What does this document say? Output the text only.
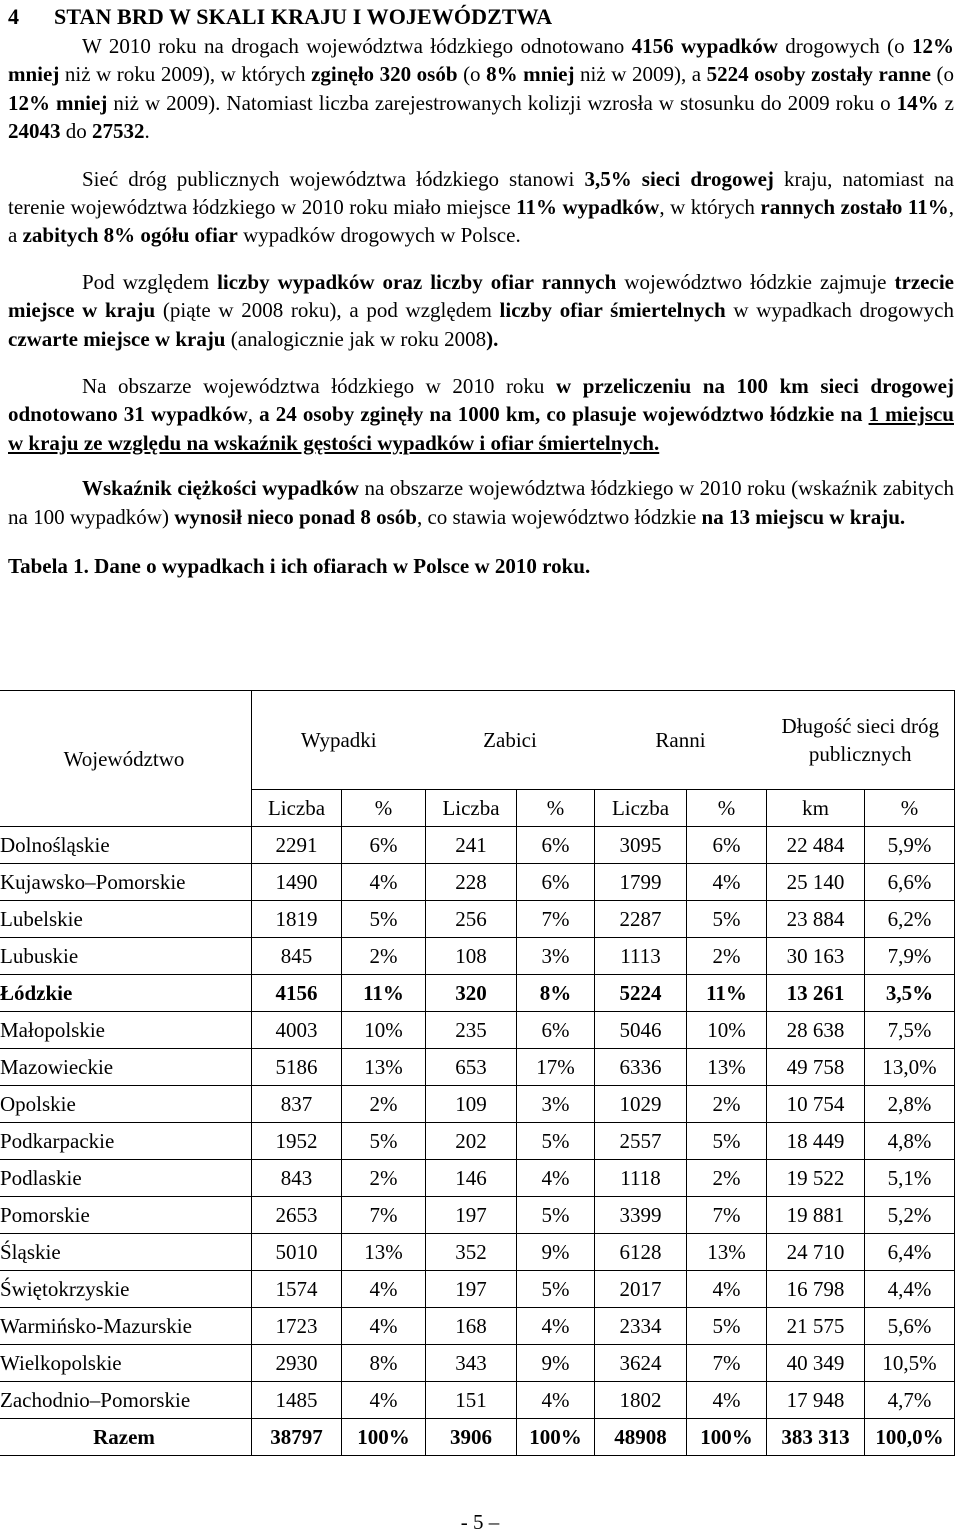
4 STAN BRD W SKALI KRAJU I WOJEWÓDZTWA

W 2010 roku na drogach województwa łódzkiego odnotowano 4156 wypadków drogowych (o 12% mniej niż w roku 2009), w których zginęło 320 osób (o 8% mniej niż w 2009), a 5224 osoby zostały ranne (o 12% mniej niż w 2009). Natomiast liczba zarejestrowanych kolizji wzrosła w stosunku do 2009 roku o 14% z 24043 do 27532.

Sieć dróg publicznych województwa łódzkiego stanowi 3,5% sieci drogowej kraju, natomiast na terenie województwa łódzkiego w 2010 roku miało miejsce 11% wypadków, w których rannych zostało 11%, a zabitych 8% ogółu ofiar wypadków drogowych w Polsce.

Pod względem liczby wypadków oraz liczby ofiar rannych województwo łódzkie zajmuje trzecie miejsce w kraju (piąte w 2008 roku), a pod względem liczby ofiar śmiertelnych w wypadkach drogowych czwarte miejsce w kraju (analogicznie jak w roku 2008).

Na obszarze województwa łódzkiego w 2010 roku w przeliczeniu na 100 km sieci drogowej odnotowano 31 wypadków, a 24 osoby zginęły na 1000 km, co plasuje województwo łódzkie na 1 miejscu w kraju ze względu na wskaźnik gęstości wypadków i ofiar śmiertelnych.

Wskaźnik ciężkości wypadków na obszarze województwa łódzkiego w 2010 roku (wskaźnik zabitych na 100 wypadków) wynosił nieco ponad 8 osób, co stawia województwo łódzkie na 13 miejscu w kraju.

Tabela 1. Dane o wypadkach i ich ofiarach w Polsce w 2010 roku.
Województwo	Wypadki		Zabici		Ranni		Długość sieci dróg publicznych	
	Liczba	%	Liczba	%	Liczba	%	km	%
Dolnośląskie	2291	6%	241	6%	3095	6%	22 484	5,9%
Kujawsko–Pomorskie	1490	4%	228	6%	1799	4%	25 140	6,6%
Lubelskie	1819	5%	256	7%	2287	5%	23 884	6,2%
Lubuskie	845	2%	108	3%	1113	2%	30 163	7,9%
Łódzkie	4156	11%	320	8%	5224	11%	13 261	3,5%
Małopolskie	4003	10%	235	6%	5046	10%	28 638	7,5%
Mazowieckie	5186	13%	653	17%	6336	13%	49 758	13,0%
Opolskie	837	2%	109	3%	1029	2%	10 754	2,8%
Podkarpackie	1952	5%	202	5%	2557	5%	18 449	4,8%
Podlaskie	843	2%	146	4%	1118	2%	19 522	5,1%
Pomorskie	2653	7%	197	5%	3399	7%	19 881	5,2%
Śląskie	5010	13%	352	9%	6128	13%	24 710	6,4%
Świętokrzyskie	1574	4%	197	5%	2017	4%	16 798	4,4%
Warmińsko-Mazurskie	1723	4%	168	4%	2334	5%	21 575	5,6%
Wielkopolskie	2930	8%	343	9%	3624	7%	40 349	10,5%
Zachodnio–Pomorskie	1485	4%	151	4%	1802	4%	17 948	4,7%
Razem	38797	100%	3906	100%	48908	100%	383 313	100,0%
- 5 –
